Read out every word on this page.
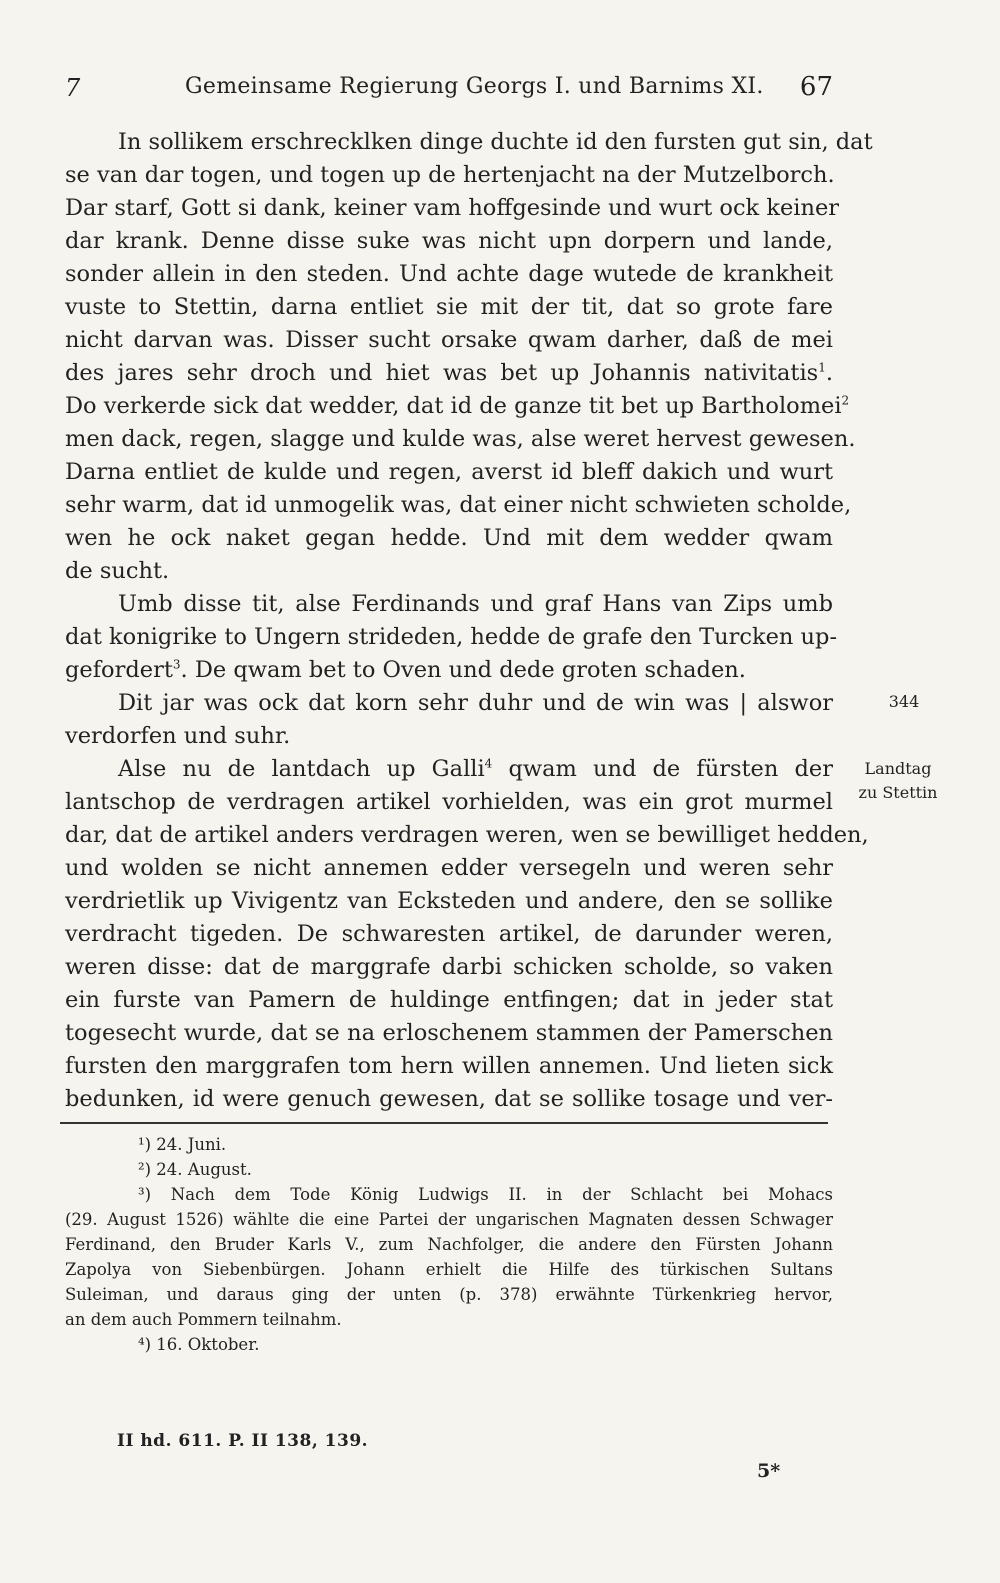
7	Gemeinsame Regierung Georgs I. und Barnims XI. 67
In sollikem erschrecklken dinge duchte id den fursten gut sin, dat
se van dar togen, und togen up de hertenjacht na der Mutzelborch.
Dar starf, Gott si dank, keiner vam hoffgesinde und wurt ock keiner
dar krank. Denne disse suke was nicht upn dorpern und lande,
sonder allein in den steden. Und achte dage wutede de krankheit
vuste to Stettin, darna entliet sie mit der tit, dat so grote fare
nicht darvan was. Disser sucht orsake qwam darher, daß de mei
des jares sehr droch und hiet was bet up Johannis nativitatis$^1$.
Do verkerde sick dat wedder, dat id de ganze tit bet up Bartholomei$^2$
men dack, regen, slagge und kulde was, alse weret hervest gewesen.
Darna entliet de kulde und regen, averst id bleff dakich und wurt
sehr warm, dat id unmogelik was, dat einer nicht schwieten scholde,
wen he ock naket gegan hedde. Und mit dem wedder qwam
de sucht.
Umb disse tit, alse Ferdinands und graf Hans van Zips umb
dat konigrike to Ungern strideden, hedde de grafe den Turcken up-
gefordert$^3$. De qwam bet to Oven und dede groten schaden.
Dit jar was ock dat korn sehr duhr und de win was | alswor
verdorfen und suhr.
Alse nu de lantdach up Galli$^4$ qwam und de fürsten der
lantschop de verdragen artikel vorhielden, was ein grot murmel
dar, dat de artikel anders verdragen weren, wen se bewilliget hedden,
und wolden se nicht annemen edder versegeln und weren sehr
verdrietlik up Vivigentz van Ecksteden und andere, den se sollike
verdracht tigeden. De schwaresten artikel, de darunder weren,
weren disse: dat de marggrafe darbi schicken scholde, so vaken
ein furste van Pamern de huldinge entfingen; dat in jeder stat
togesecht wurde, dat se na erloschenem stammen der Pamerschen
fursten den marggrafen tom hern willen annemen. Und lieten sick
bedunken, id were genuch gewesen, dat se sollike tosage und ver-
344
Landtag
zu Stettin
¹) 24. Juni.
²) 24. August.
³) Nach dem Tode König Ludwigs II. in der Schlacht bei Mohacs
(29. August 1526) wählte die eine Partei der ungarischen Magnaten dessen Schwager
Ferdinand, den Bruder Karls V., zum Nachfolger, die andere den Fürsten Johann
Zapolya von Siebenbürgen. Johann erhielt die Hilfe des türkischen Sultans
Suleiman, und daraus ging der unten (p. 378) erwähnte Türkenkrieg hervor,
an dem auch Pommern teilnahm.
⁴) 16. Oktober.
II hd. 611. P. II 138, 139.
5*
